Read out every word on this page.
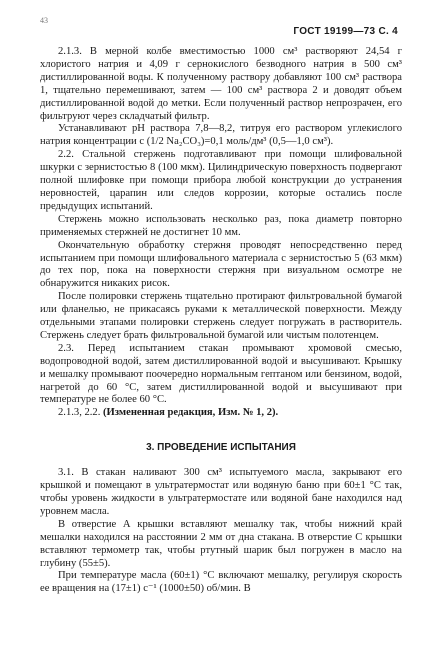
43
ГОСТ 19199—73 С. 4

2.1.3. В мерной колбе вместимостью 1000 см³ растворяют 24,54 г хлористого натрия и 4,09 г сернокислого безводного натрия в 500 см³ дистиллированной воды. К полученному раствору добавляют 100 см³ раствора 1, тщательно перемешивают, затем — 100 см³ раствора 2 и доводят объем дистиллированной водой до метки. Если полученный раствор непрозрачен, его фильтруют через складчатый фильтр.

Устанавливают рН раствора 7,8—8,2, титруя его раствором углекислого натрия концентрации с (1/2 Na₂CO₃)=0,1 моль/дм³ (0,5—1,0 см³).

2.2. Стальной стержень подготавливают при помощи шлифовальной шкурки с зернистостью 8 (100 мкм). Цилиндрическую поверхность подвергают полной шлифовке при помощи прибора любой конструкции до устранения неровностей, царапин или следов коррозии, которые остались после предыдущих испытаний.

Стержень можно использовать несколько раз, пока диаметр повторно применяемых стержней не достигнет 10 мм.

Окончательную обработку стержня проводят непосредственно перед испытанием при помощи шлифовального материала с зернистостью 5 (63 мкм) до тех пор, пока на поверхности стержня при визуальном осмотре не обнаружится никаких рисок.

После полировки стержень тщательно протирают фильтровальной бумагой или фланелью, не прикасаясь руками к металлической поверхности. Между отдельными этапами полировки стержень следует погружать в растворитель. Стержень следует брать фильтровальной бумагой или чистым полотенцем.

2.3. Перед испытанием стакан промывают хромовой смесью, водопроводной водой, затем дистиллированной водой и высушивают. Крышку и мешалку промывают поочередно нормальным гептаном или бензином, водой, нагретой до 60 °С, затем дистиллированной водой и высушивают при температуре не более 60 °С.

2.1.3, 2.2. (Измененная редакция, Изм. № 1, 2).

3. ПРОВЕДЕНИЕ ИСПЫТАНИЯ

3.1. В стакан наливают 300 см³ испытуемого масла, закрывают его крышкой и помещают в ультратермостат или водяную баню при 60±1 °С так, чтобы уровень жидкости в ультратермостате или водяной бане находился над уровнем масла.

В отверстие А крышки вставляют мешалку так, чтобы нижний край мешалки находился на расстоянии 2 мм от дна стакана. В отверстие С крышки вставляют термометр так, чтобы ртутный шарик был погружен в масло на глубину (55±5).

При температуре масла (60±1) °С включают мешалку, регулируя скорость ее вращения на (17±1) с⁻¹ (1000±50) об/мин. В
